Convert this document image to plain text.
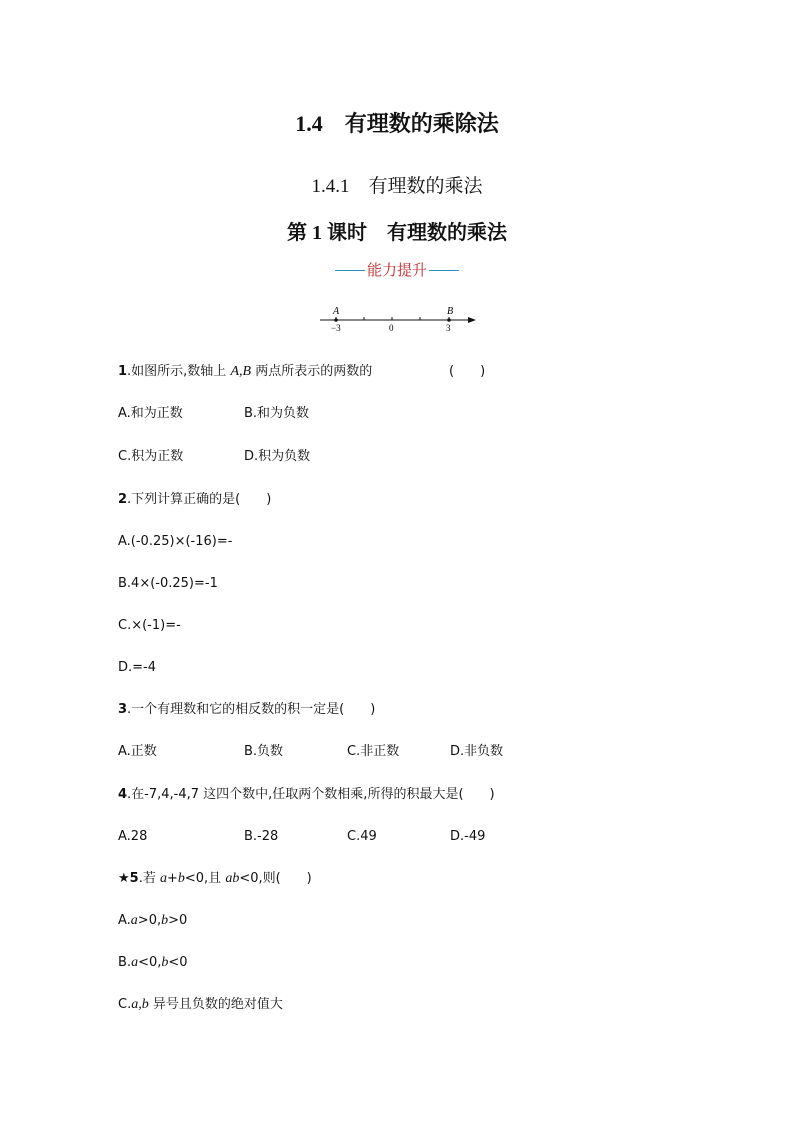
1.4　有理数的乘除法
1.4.1　有理数的乘法
第 1 课时　有理数的乘法
能力提升
A	B
−3	0	3
1.如图所示,数轴上 A,B 两点所表示的两数的	(　　)
A.和为正数	B.和为负数
C.积为正数	D.积为负数
2.下列计算正确的是(　　)
A.(-0.25)×(-16)=-
B.4×(-0.25)=-1
C.×(-1)=-
D.=-4
3.一个有理数和它的相反数的积一定是(　　)
A.正数	B.负数	C.非正数	D.非负数
4.在-7,4,-4,7 这四个数中,任取两个数相乘,所得的积最大是(　　)
A.28	B.-28	C.49	D.-49
★5.若 a+b<0,且 ab<0,则(　　)
A.a>0,b>0
B.a<0,b<0
C.a,b 异号且负数的绝对值大
